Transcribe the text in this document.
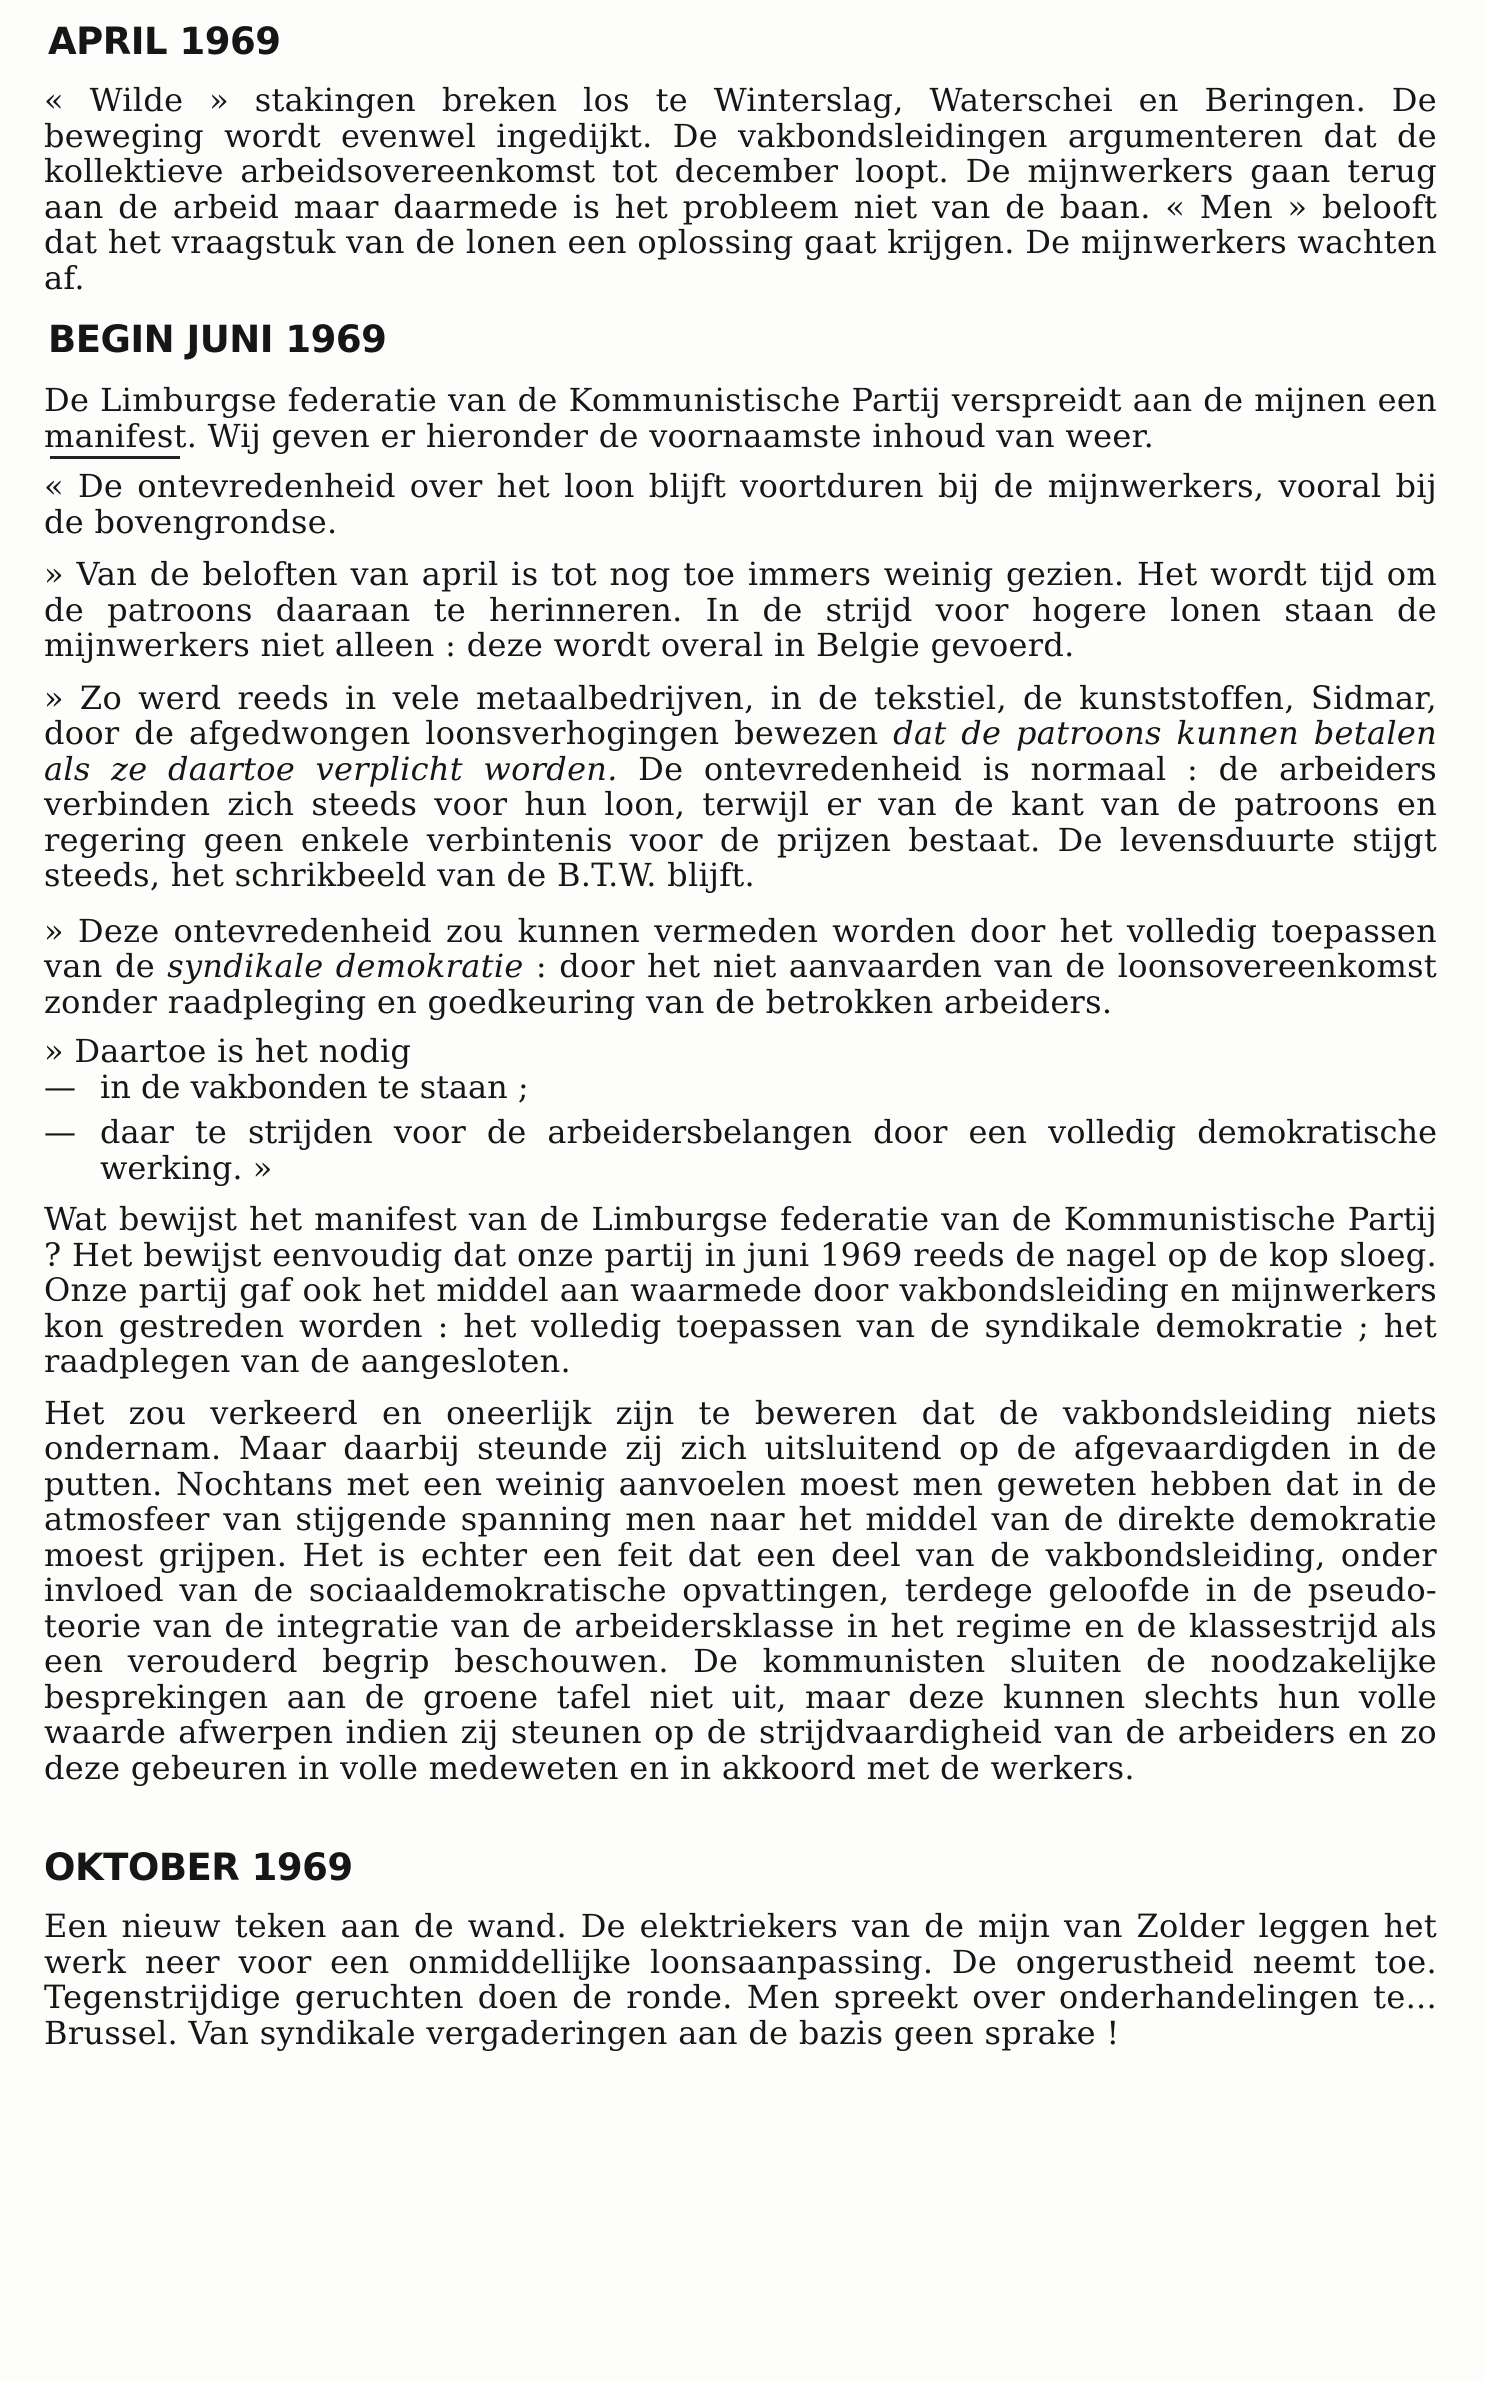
APRIL 1969

« Wilde » stakingen breken los te Winterslag, Waterschei en Beringen. De beweging wordt evenwel ingedijkt. De vakbondsleidingen argumenteren dat de kollektieve arbeidsovereenkomst tot december loopt. De mijnwerkers gaan terug aan de arbeid maar daarmede is het probleem niet van de baan. « Men » belooft dat het vraagstuk van de lonen een oplossing gaat krijgen. De mijnwerkers wachten af.

BEGIN JUNI 1969

De Limburgse federatie van de Kommunistische Partij verspreidt aan de mijnen een manifest. Wij geven er hieronder de voornaamste inhoud van weer.

« De ontevredenheid over het loon blijft voortduren bij de mijnwerkers, vooral bij de bovengrondse.

» Van de beloften van april is tot nog toe immers weinig gezien. Het wordt tijd om de patroons daaraan te herinneren. In de strijd voor hogere lonen staan de mijnwerkers niet alleen : deze wordt overal in Belgie gevoerd.

» Zo werd reeds in vele metaalbedrijven, in de tekstiel, de kunststoffen, Sidmar, door de afgedwongen loonsverhogingen bewezen dat de patroons kunnen betalen als ze daartoe verplicht worden. De ontevredenheid is normaal : de arbeiders verbinden zich steeds voor hun loon, terwijl er van de kant van de patroons en regering geen enkele verbintenis voor de prijzen bestaat. De levensduurte stijgt steeds, het schrikbeeld van de B.T.W. blijft.

» Deze ontevredenheid zou kunnen vermeden worden door het volledig toepassen van de syndikale demokratie : door het niet aanvaarden van de loonsovereenkomst zonder raadpleging en goedkeuring van de betrokken arbeiders.

» Daartoe is het nodig

— in de vakbonden te staan ;
— daar te strijden voor de arbeidersbelangen door een volledig demokratische werking. »

Wat bewijst het manifest van de Limburgse federatie van de Kommunistische Partij ? Het bewijst eenvoudig dat onze partij in juni 1969 reeds de nagel op de kop sloeg. Onze partij gaf ook het middel aan waarmede door vakbondsleiding en mijnwerkers kon gestreden worden : het volledig toepassen van de syndikale demokratie ; het raadplegen van de aangesloten.

Het zou verkeerd en oneerlijk zijn te beweren dat de vakbondsleiding niets ondernam. Maar daarbij steunde zij zich uitsluitend op de afgevaardigden in de putten. Nochtans met een weinig aanvoelen moest men geweten hebben dat in de atmosfeer van stijgende spanning men naar het middel van de direkte demokratie moest grijpen. Het is echter een feit dat een deel van de vakbondsleiding, onder invloed van de sociaaldemokratische opvattingen, terdege geloofde in de pseudo-teorie van de integratie van de arbeidersklasse in het regime en de klassestrijd als een verouderd begrip beschouwen. De kommunisten sluiten de noodzakelijke besprekingen aan de groene tafel niet uit, maar deze kunnen slechts hun volle waarde afwerpen indien zij steunen op de strijdvaardigheid van de arbeiders en zo deze gebeuren in volle medeweten en in akkoord met de werkers.

OKTOBER 1969

Een nieuw teken aan de wand. De elektriekers van de mijn van Zolder leggen het werk neer voor een onmiddellijke loonsaanpassing. De ongerustheid neemt toe. Tegenstrijdige geruchten doen de ronde. Men spreekt over onderhandelingen te... Brussel. Van syndikale vergaderingen aan de bazis geen sprake !
